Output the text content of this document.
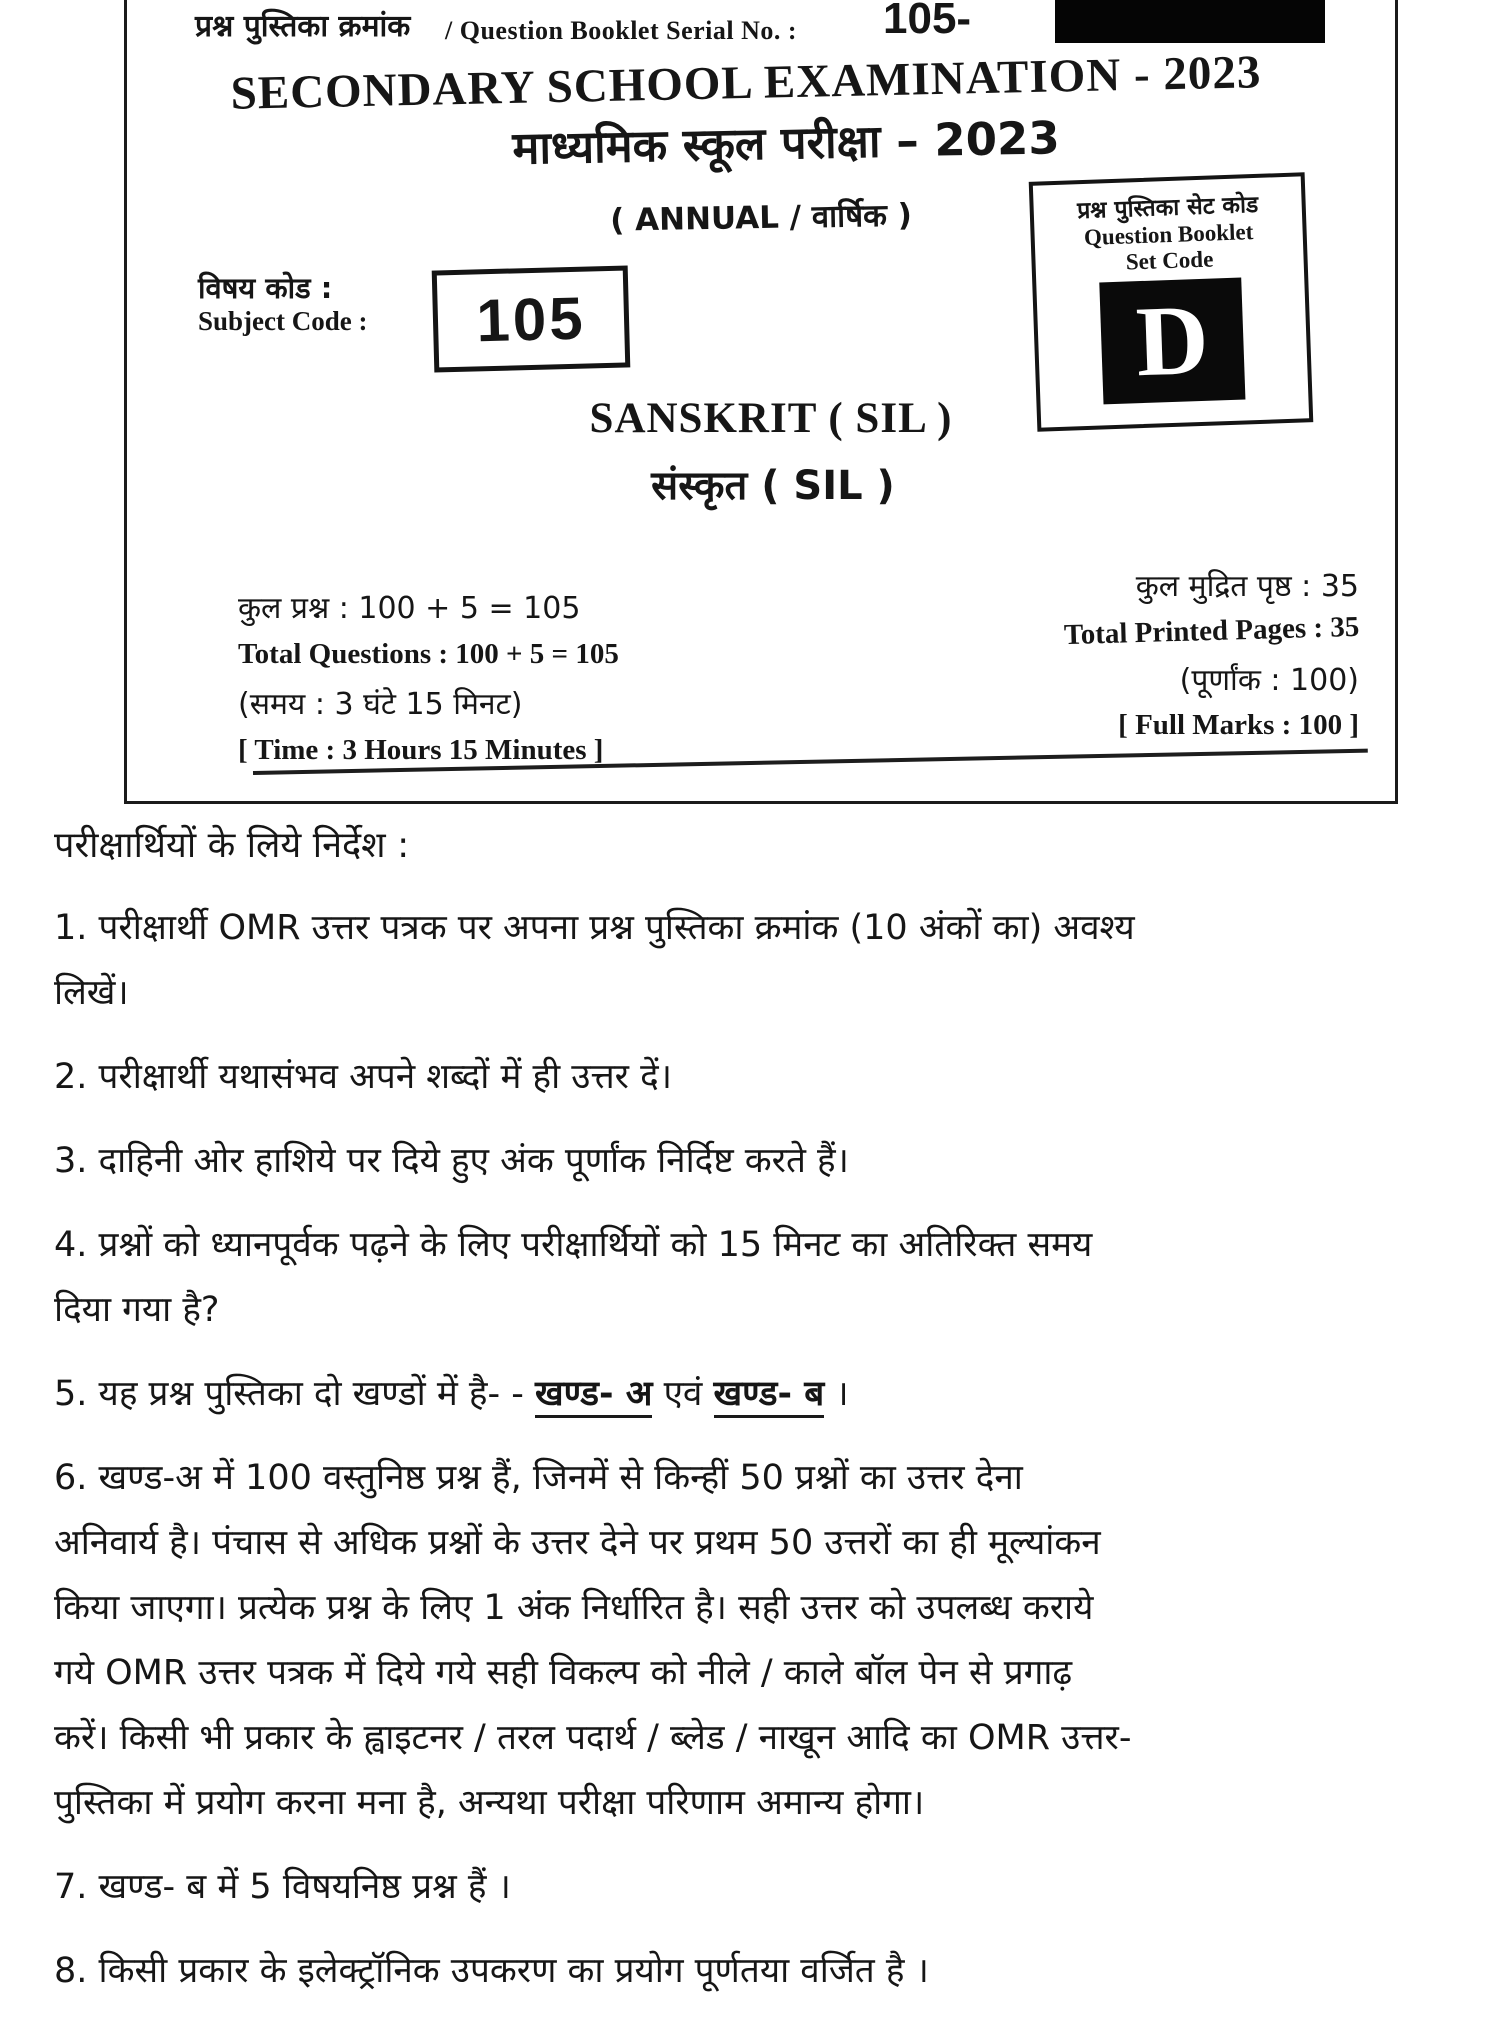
प्रश्न पुस्तिका क्रमांक / Question Booklet Serial No. : 105-
SECONDARY SCHOOL EXAMINATION - 2023
माध्यमिक स्कूल परीक्षा – 2023
( ANNUAL / वार्षिक )
विषय कोड :
Subject Code :	105
प्रश्न पुस्तिका सेट कोड
Question Booklet
Set Code
D
SANSKRIT ( SIL )
संस्कृत ( SIL )
कुल प्रश्न : 100 + 5 = 105
Total Questions : 100 + 5 = 105
(समय : 3 घंटे 15 मिनट)
[ Time : 3 Hours 15 Minutes ]
कुल मुद्रित पृष्ठ : 35
Total Printed Pages : 35
(पूर्णांक : 100)
[ Full Marks : 100 ]
परीक्षार्थियों के लिये निर्देश :
1. परीक्षार्थी OMR उत्तर पत्रक पर अपना प्रश्न पुस्तिका क्रमांक (10 अंकों का) अवश्य
लिखें।
2. परीक्षार्थी यथासंभव अपने शब्दों में ही उत्तर दें।
3. दाहिनी ओर हाशिये पर दिये हुए अंक पूर्णांक निर्दिष्ट करते हैं।
4. प्रश्नों को ध्यानपूर्वक पढ़ने के लिए परीक्षार्थियों को 15 मिनट का अतिरिक्त समय
दिया गया है?
5. यह प्रश्न पुस्तिका दो खण्डों में है- - खण्ड- अ एवं खण्ड- ब ।
6. खण्ड-अ में 100 वस्तुनिष्ठ प्रश्न हैं, जिनमें से किन्हीं 50 प्रश्नों का उत्तर देना
अनिवार्य है। पंचास से अधिक प्रश्नों के उत्तर देने पर प्रथम 50 उत्तरों का ही मूल्यांकन
किया जाएगा। प्रत्येक प्रश्न के लिए 1 अंक निर्धारित है। सही उत्तर को उपलब्ध कराये
गये OMR उत्तर पत्रक में दिये गये सही विकल्प को नीले / काले बॉल पेन से प्रगाढ़
करें। किसी भी प्रकार के ह्वाइटनर / तरल पदार्थ / ब्लेड / नाखून आदि का OMR उत्तर-
पुस्तिका में प्रयोग करना मना है, अन्यथा परीक्षा परिणाम अमान्य होगा।
7. खण्ड- ब में 5 विषयनिष्ठ प्रश्न हैं ।
8. किसी प्रकार के इलेक्ट्रॉनिक उपकरण का प्रयोग पूर्णतया वर्जित है ।
